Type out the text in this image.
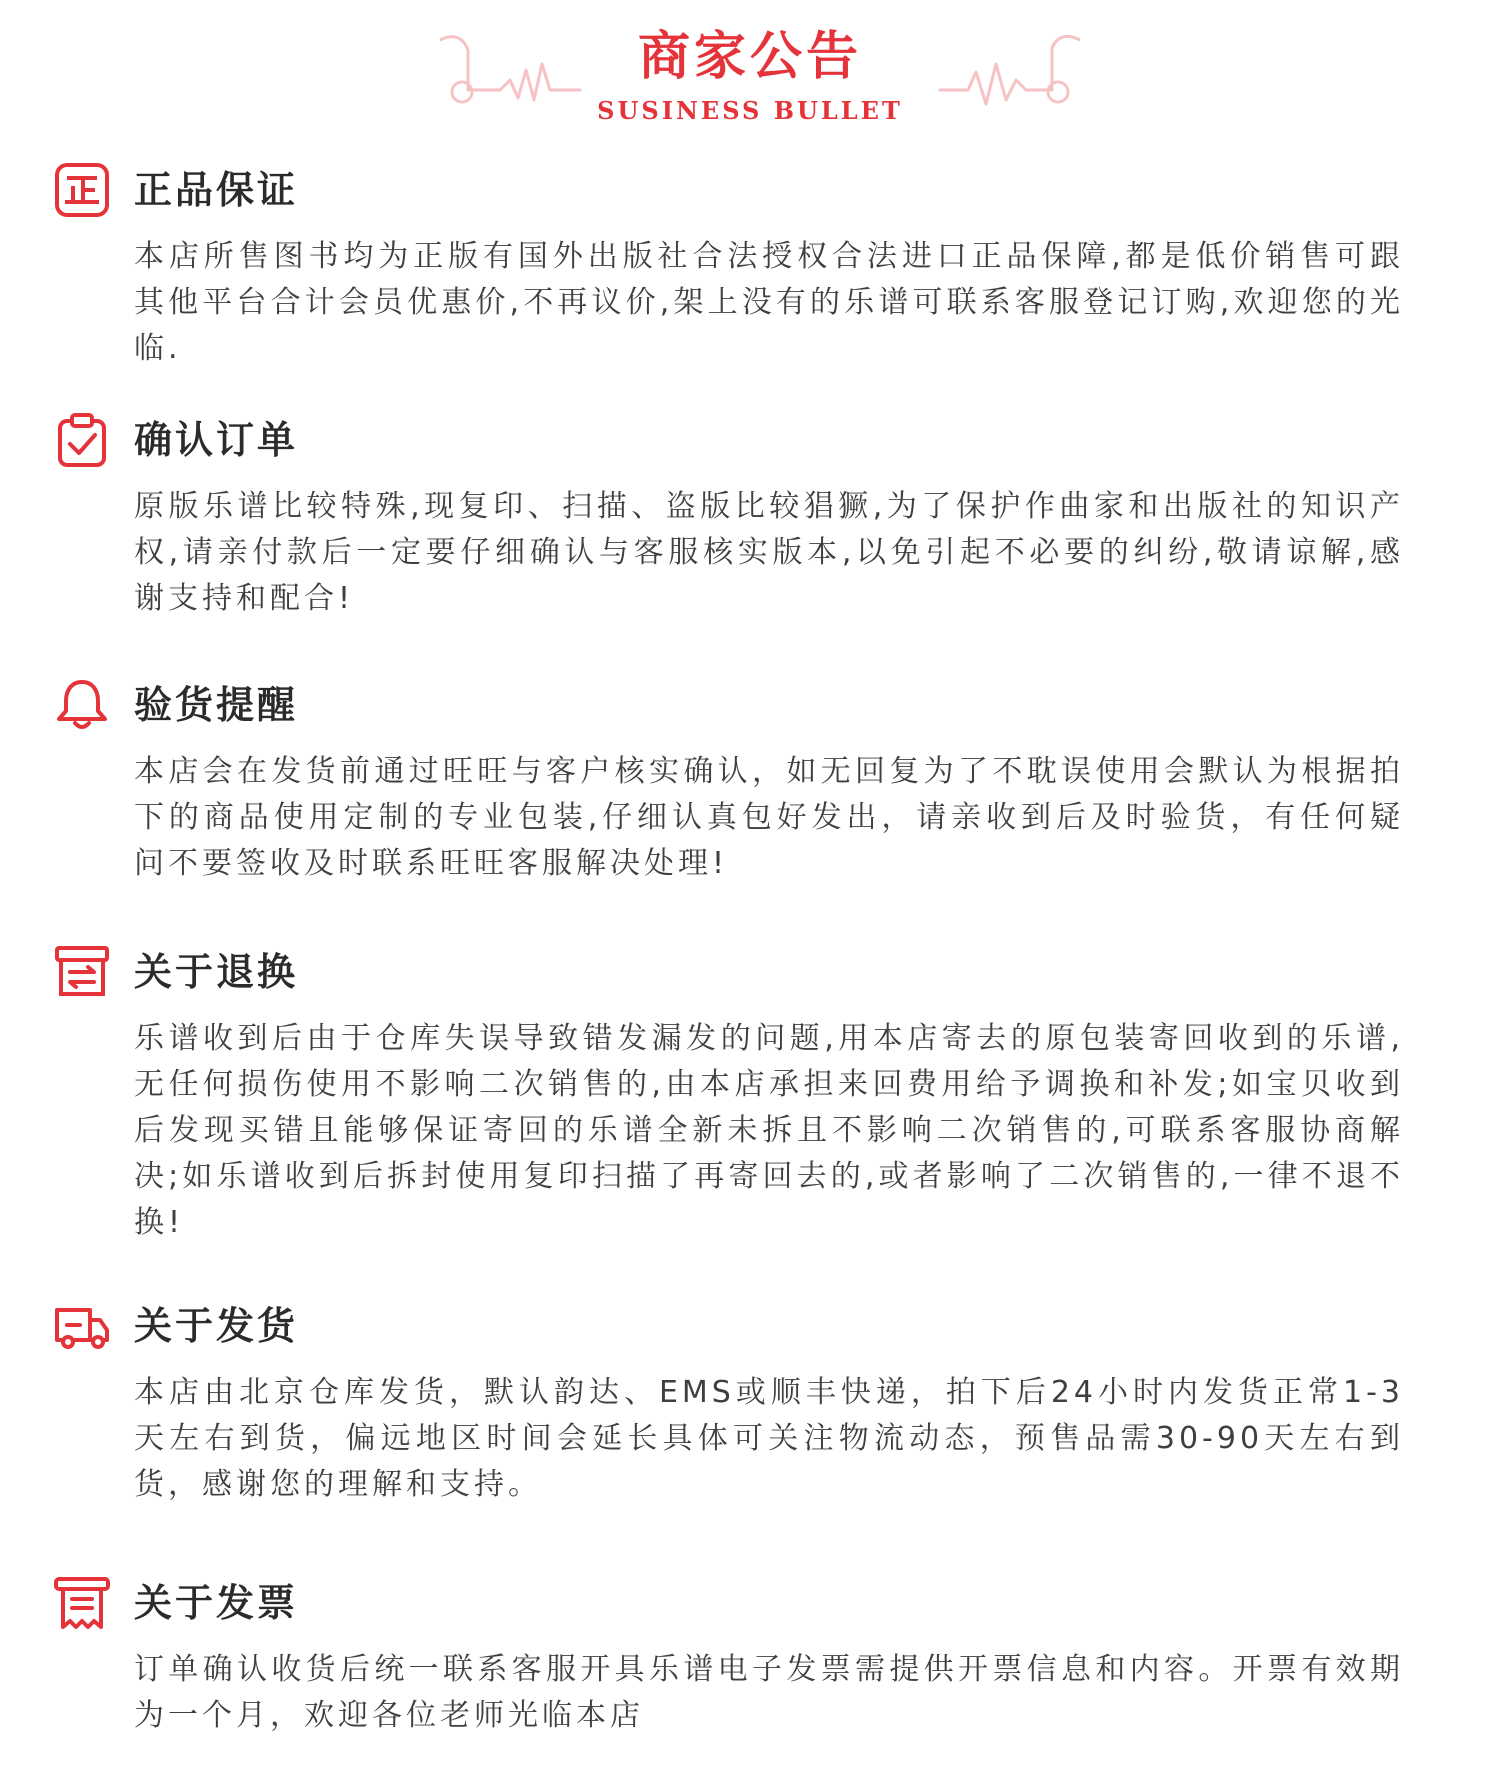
商家公告
SUSINESS BULLET
正品保证
本店所售图书均为正版有国外出版社合法授权合法进口正品保障,都是低价销售可跟其他平台合计会员优惠价,不再议价,架上没有的乐谱可联系客服登记订购,欢迎您的光临.
确认订单
原版乐谱比较特殊,现复印、扫描、盗版比较猖獗,为了保护作曲家和出版社的知识产权,请亲付款后一定要仔细确认与客服核实版本,以免引起不必要的纠纷,敬请谅解,感谢支持和配合!
验货提醒
本店会在发货前通过旺旺与客户核实确认，如无回复为了不耽误使用会默认为根据拍下的商品使用定制的专业包装,仔细认真包好发出，请亲收到后及时验货，有任何疑问不要签收及时联系旺旺客服解决处理!
关于退换
乐谱收到后由于仓库失误导致错发漏发的问题,用本店寄去的原包装寄回收到的乐谱,无任何损伤使用不影响二次销售的,由本店承担来回费用给予调换和补发;如宝贝收到后发现买错且能够保证寄回的乐谱全新未拆且不影响二次销售的,可联系客服协商解决;如乐谱收到后拆封使用复印扫描了再寄回去的,或者影响了二次销售的,一律不退不换!
关于发货
本店由北京仓库发货，默认韵达、EMS或顺丰快递，拍下后24小时内发货正常1-3天左右到货，偏远地区时间会延长具体可关注物流动态，预售品需30-90天左右到货，感谢您的理解和支持。
关于发票
订单确认收货后统一联系客服开具乐谱电子发票需提供开票信息和内容。开票有效期为一个月，欢迎各位老师光临本店
